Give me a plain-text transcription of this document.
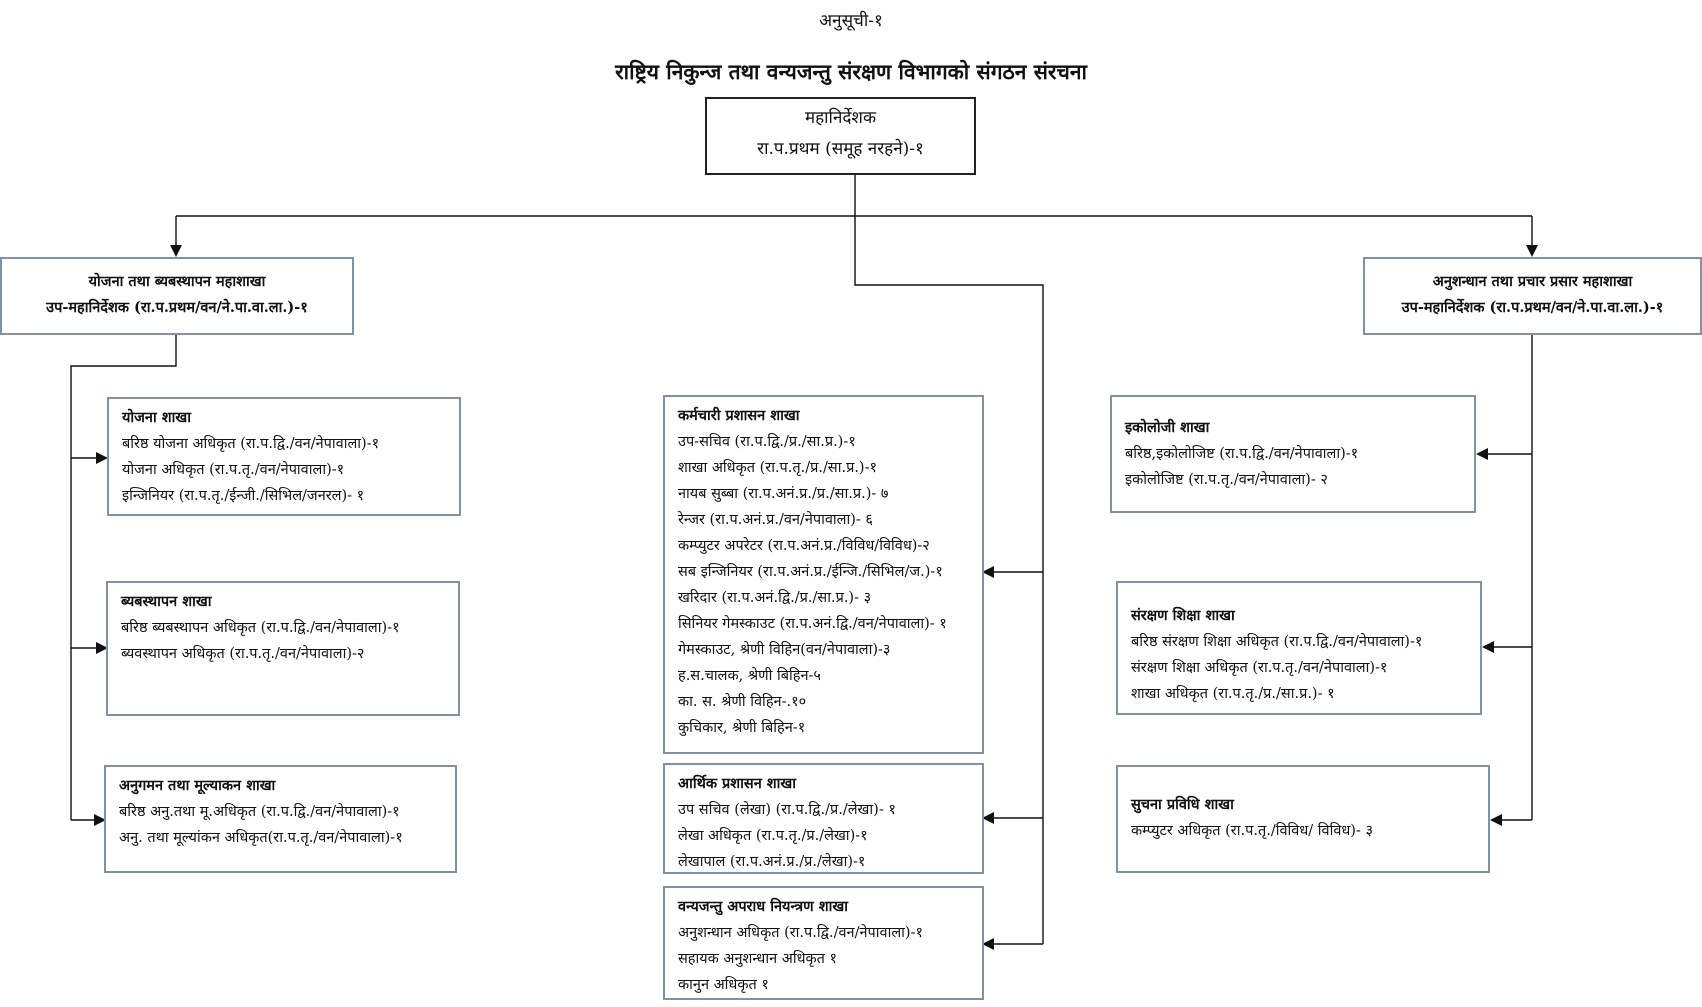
अनुसूची-१
राष्ट्रिय निकुन्ज तथा वन्यजन्तु संरक्षण विभागको संगठन संरचना
महानिर्देशक
रा.प.प्रथम (समूह नरहने)-१
योजना तथा ब्यबस्थापन महाशाखा
उप-महानिर्देशक (रा.प.प्रथम/वन/ने.पा.वा.ला.)-१
अनुशन्धान तथा प्रचार प्रसार महाशाखा
उप-महानिर्देशक (रा.प.प्रथम/वन/ने.पा.वा.ला.)-१
योजना शाखा
बरिष्ठ योजना अधिकृत (रा.प.द्वि./वन/नेपावाला)-१
योजना अधिकृत (रा.प.तृ./वन/नेपावाला)-१
इन्जिनियर (रा.प.तृ./ईन्जी./सिभिल/जनरल)- १
ब्यबस्थापन शाखा
बरिष्ठ ब्यबस्थापन अधिकृत (रा.प.द्वि./वन/नेपावाला)-१
ब्यवस्थापन अधिकृत (रा.प.तृ./वन/नेपावाला)-२
अनुगमन तथा मूल्याकन शाखा
बरिष्ठ अनु.तथा मू.अधिकृत (रा.प.द्वि./वन/नेपावाला)-१
अनु. तथा मूल्यांकन अधिकृत(रा.प.तृ./वन/नेपावाला)-१
कर्मचारी प्रशासन शाखा
उप-सचिव (रा.प.द्वि./प्र./सा.प्र.)-१
शाखा अधिकृत (रा.प.तृ./प्र./सा.प्र.)-१
नायब सुब्बा (रा.प.अनं.प्र./प्र./सा.प्र.)- ७
रेन्जर (रा.प.अनं.प्र./वन/नेपावाला)- ६
कम्प्युटर अपरेटर (रा.प.अनं.प्र./विविध/विविध)-२
सब इन्जिनियर (रा.प.अनं.प्र./ईन्जि./सिभिल/ज.)-१
खरिदार (रा.प.अनं.द्वि./प्र./सा.प्र.)- ३
सिनियर गेमस्काउट (रा.प.अनं.द्वि./वन/नेपावाला)- १
गेमस्काउट, श्रेणी विहिन(वन/नेपावाला)-३
ह.स.चालक, श्रेणी बिहिन-५
का. स. श्रेणी विहिन-.१०
कुचिकार, श्रेणी बिहिन-१
आर्थिक प्रशासन शाखा
उप सचिव (लेखा) (रा.प.द्वि./प्र./लेखा)- १
लेखा अधिकृत (रा.प.तृ./प्र./लेखा)-१
लेखापाल (रा.प.अनं.प्र./प्र./लेखा)-१
वन्यजन्तु अपराध नियन्त्रण शाखा
अनुशन्धान अधिकृत (रा.प.द्वि./वन/नेपावाला)-१
सहायक अनुशन्धान अधिकृत १
कानुन अधिकृत १
इकोलोजी शाखा
बरिष्ठ,इकोलोजिष्ट (रा.प.द्वि./वन/नेपावाला)-१
इकोलोजिष्ट (रा.प.तृ./वन/नेपावाला)- २
संरक्षण शिक्षा शाखा
बरिष्ठ संरक्षण शिक्षा अधिकृत (रा.प.द्वि./वन/नेपावाला)-१
संरक्षण शिक्षा अधिकृत (रा.प.तृ./वन/नेपावाला)-१
शाखा अधिकृत (रा.प.तृ./प्र./सा.प्र.)- १
सुचना प्रविधि शाखा
कम्प्युटर अधिकृत (रा.प.तृ./विविध/ विविध)- ३
